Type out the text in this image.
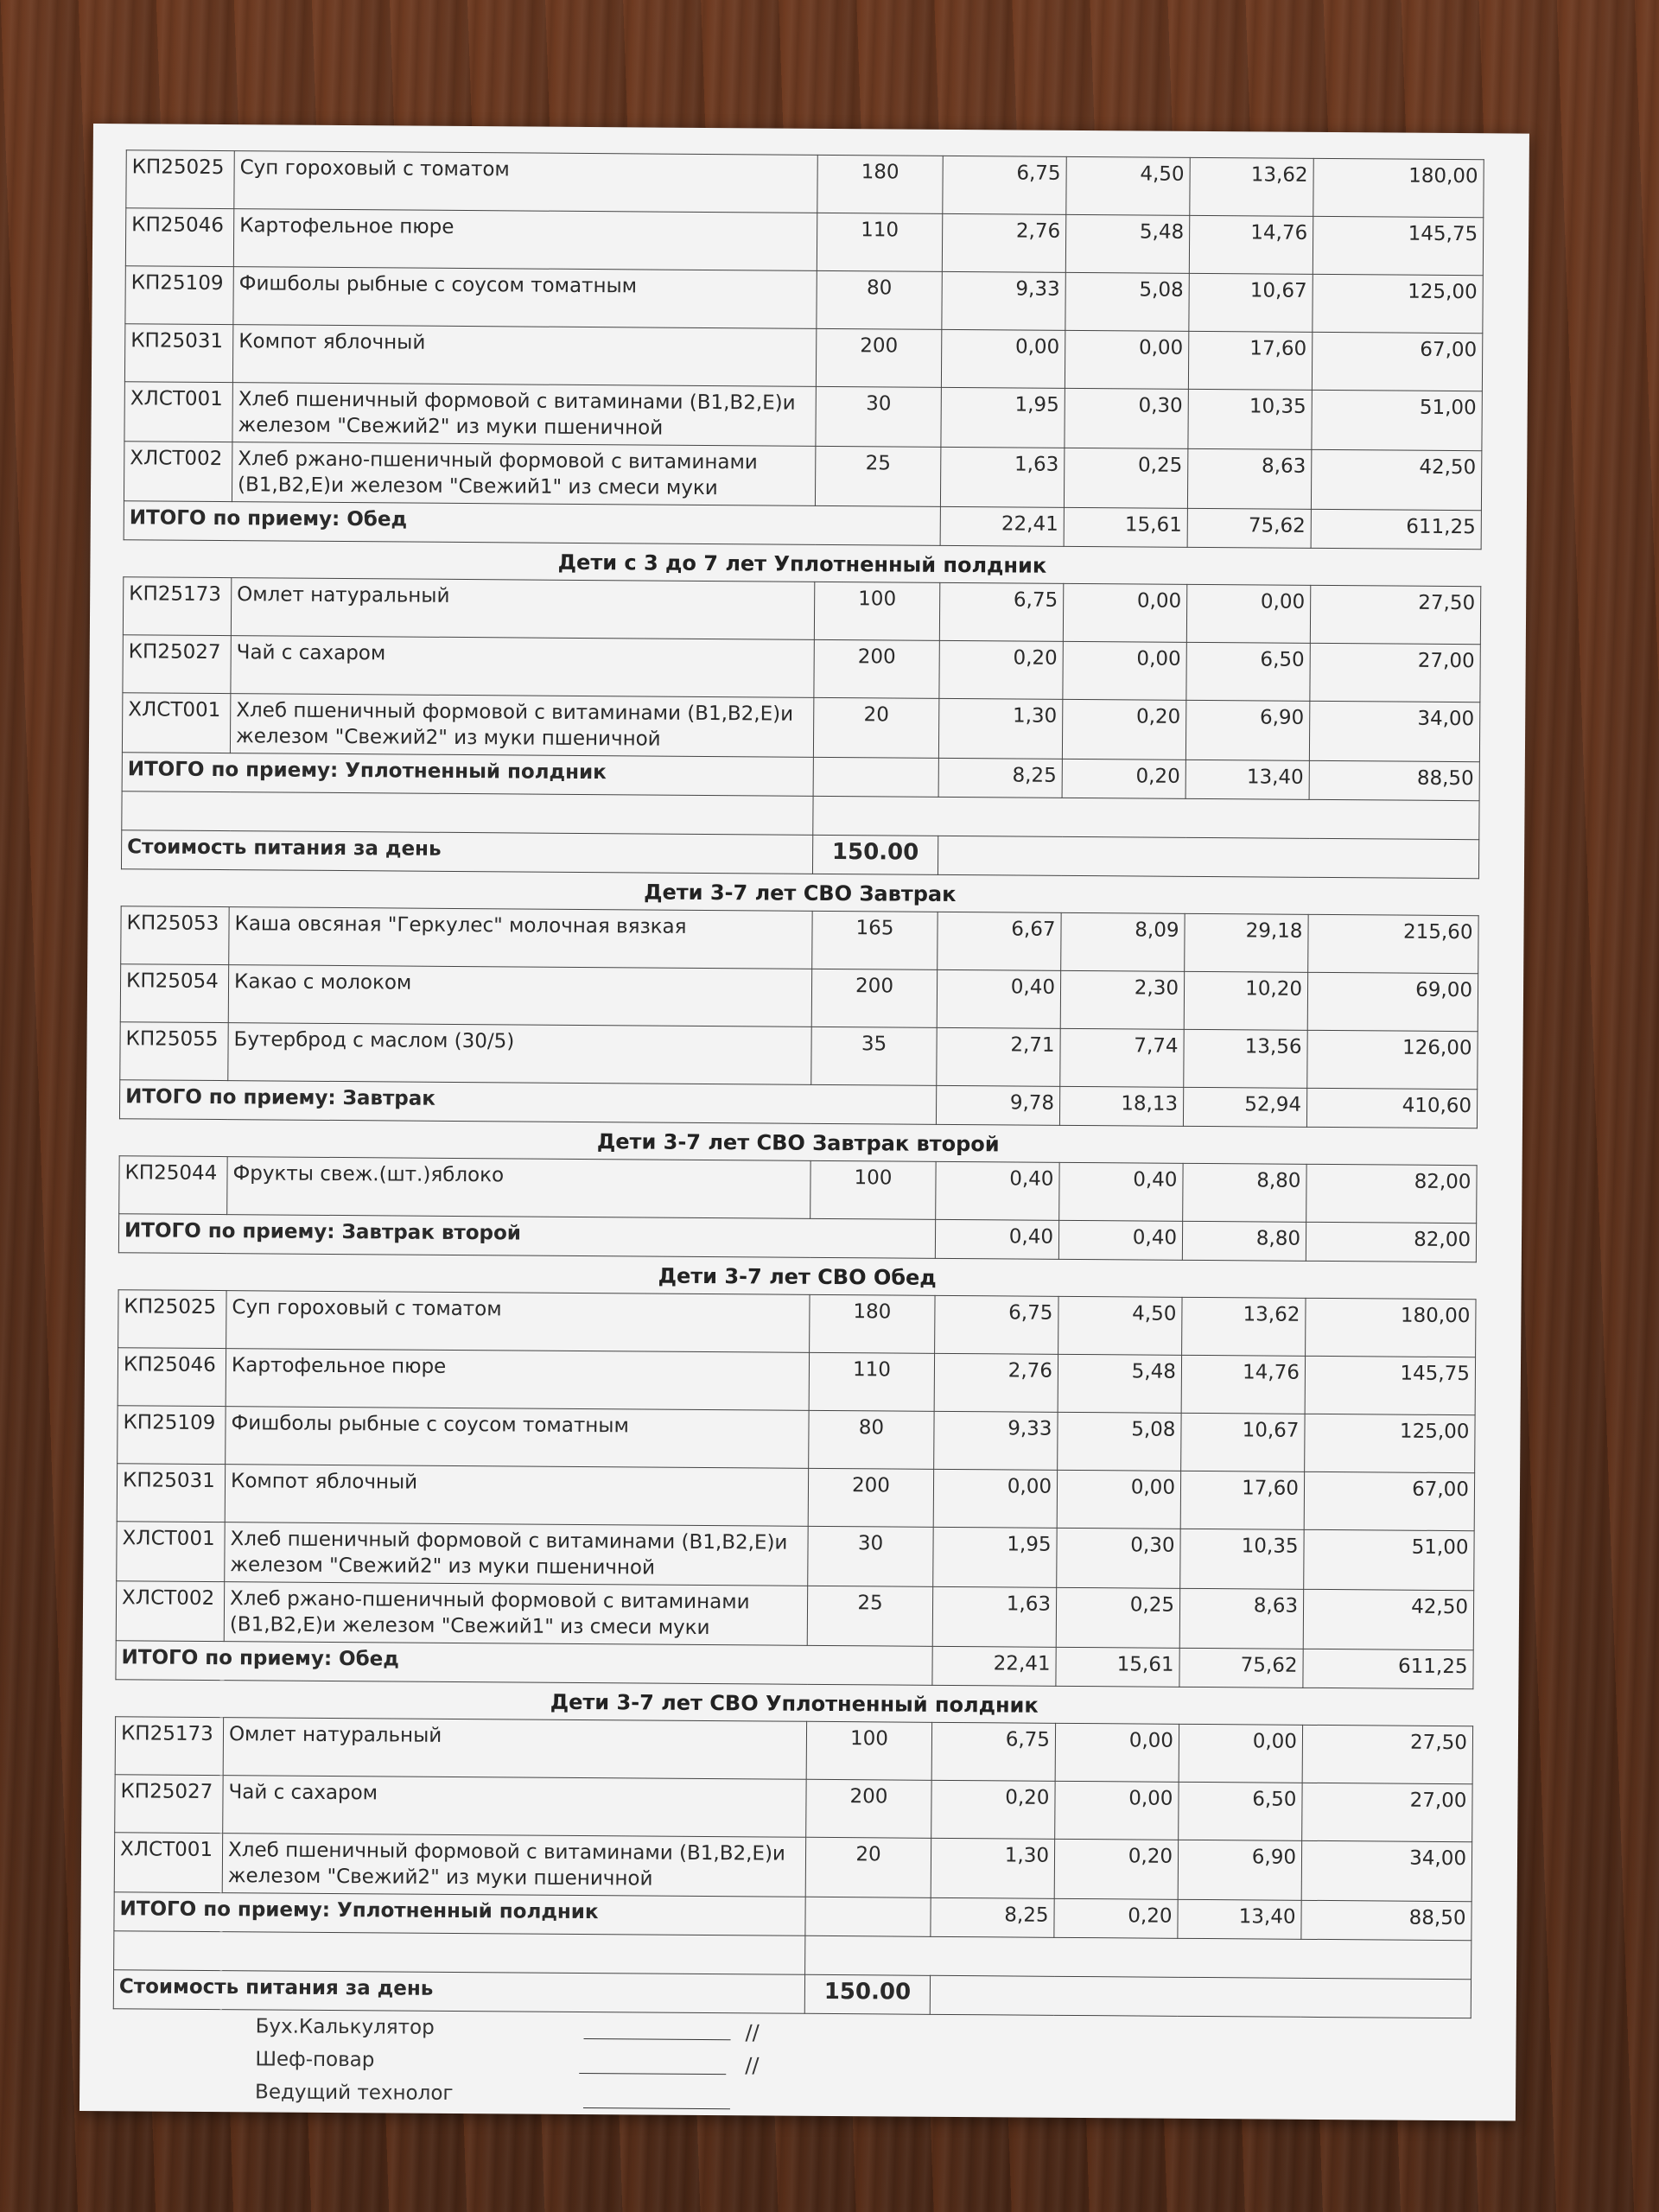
КП25025	Суп гороховый с томатом	180	6,75	4,50	13,62	180,00
КП25046	Картофельное пюре	110	2,76	5,48	14,76	145,75
КП25109	Фишболы рыбные с соусом томатным	80	9,33	5,08	10,67	125,00
КП25031	Компот яблочный	200	0,00	0,00	17,60	67,00
ХЛСТ001	Хлеб пшеничный формовой с витаминами (В1,В2,Е)и железом "Свежий2" из муки пшеничной	30	1,95	0,30	10,35	51,00
ХЛСТ002	Хлеб ржано-пшеничный формовой с витаминами (В1,В2,Е)и железом "Свежий1" из смеси муки	25	1,63	0,25	8,63	42,50
ИТОГО по приему: Обед			22,41	15,61	75,62	611,25
Дети с 3 до 7 лет Уплотненный полдник
КП25173	Омлет натуральный	100	6,75	0,00	0,00	27,50
КП25027	Чай с сахаром	200	0,20	0,00	6,50	27,00
ХЛСТ001	Хлеб пшеничный формовой с витаминами (В1,В2,Е)и железом "Свежий2" из муки пшеничной	20	1,30	0,20	6,90	34,00
ИТОГО по приему: Уплотненный полдник			8,25	0,20	13,40	88,50

Стоимость питания за день		150.00				
Дети 3-7 лет СВО Завтрак
КП25053	Каша овсяная "Геркулес" молочная вязкая	165	6,67	8,09	29,18	215,60
КП25054	Какао с молоком	200	0,40	2,30	10,20	69,00
КП25055	Бутерброд с маслом (30/5)	35	2,71	7,74	13,56	126,00
ИТОГО по приему: Завтрак			9,78	18,13	52,94	410,60
Дети 3-7 лет СВО Завтрак второй
КП25044	Фрукты свеж.(шт.)яблоко	100	0,40	0,40	8,80	82,00
ИТОГО по приему: Завтрак второй			0,40	0,40	8,80	82,00
Дети 3-7 лет СВО Обед
КП25025	Суп гороховый с томатом	180	6,75	4,50	13,62	180,00
КП25046	Картофельное пюре	110	2,76	5,48	14,76	145,75
КП25109	Фишболы рыбные с соусом томатным	80	9,33	5,08	10,67	125,00
КП25031	Компот яблочный	200	0,00	0,00	17,60	67,00
ХЛСТ001	Хлеб пшеничный формовой с витаминами (В1,В2,Е)и железом "Свежий2" из муки пшеничной	30	1,95	0,30	10,35	51,00
ХЛСТ002	Хлеб ржано-пшеничный формовой с витаминами (В1,В2,Е)и железом "Свежий1" из смеси муки	25	1,63	0,25	8,63	42,50
ИТОГО по приему: Обед			22,41	15,61	75,62	611,25
Дети 3-7 лет СВО Уплотненный полдник
КП25173	Омлет натуральный	100	6,75	0,00	0,00	27,50
КП25027	Чай с сахаром	200	0,20	0,00	6,50	27,00
ХЛСТ001	Хлеб пшеничный формовой с витаминами (В1,В2,Е)и железом "Свежий2" из муки пшеничной	20	1,30	0,20	6,90	34,00
ИТОГО по приему: Уплотненный полдник			8,25	0,20	13,40	88,50

Стоимость питания за день		150.00				
Бух.Калькулятор
Шеф-повар
Ведущий технолог
//
//
